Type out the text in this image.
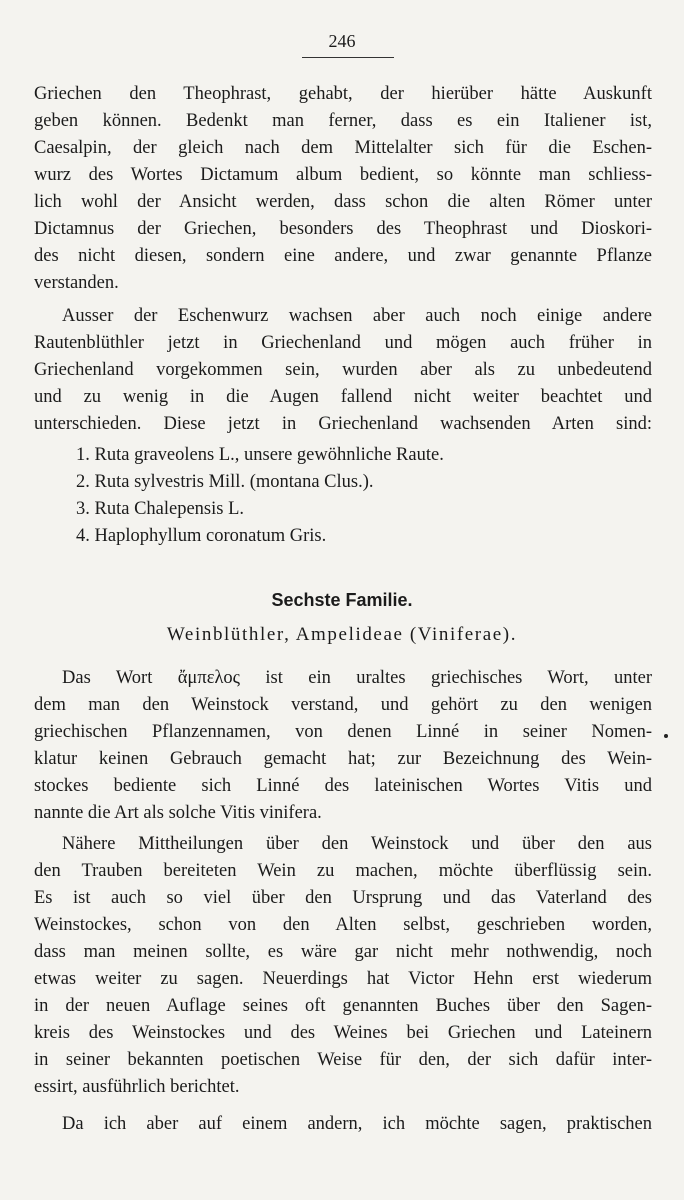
246
Griechen den Theophrast, gehabt, der hierüber hätte Auskunft
geben können. Bedenkt man ferner, dass es ein Italiener ist,
Caesalpin, der gleich nach dem Mittelalter sich für die Eschen-
wurz des Wortes Dictamum album bedient, so könnte man schliess-
lich wohl der Ansicht werden, dass schon die alten Römer unter
Dictamnus der Griechen, besonders des Theophrast und Dioskori-
des nicht diesen, sondern eine andere, und zwar genannte Pflanze
verstanden.
Ausser der Eschenwurz wachsen aber auch noch einige andere
Rautenblüthler jetzt in Griechenland und mögen auch früher in
Griechenland vorgekommen sein, wurden aber als zu unbedeutend
und zu wenig in die Augen fallend nicht weiter beachtet und
unterschieden. Diese jetzt in Griechenland wachsenden Arten sind:
1. Ruta graveolens L., unsere gewöhnliche Raute.
2. Ruta sylvestris Mill. (montana Clus.).
3. Ruta Chalepensis L.
4. Haplophyllum coronatum Gris.
Sechste Familie.
Weinblüthler, Ampelideae (Viniferae).
Das Wort ἄμπελος ist ein uraltes griechisches Wort, unter
dem man den Weinstock verstand, und gehört zu den wenigen
griechischen Pflanzennamen, von denen Linné in seiner Nomen-
klatur keinen Gebrauch gemacht hat; zur Bezeichnung des Wein-
stockes bediente sich Linné des lateinischen Wortes Vitis und
nannte die Art als solche Vitis vinifera.
Nähere Mittheilungen über den Weinstock und über den aus
den Trauben bereiteten Wein zu machen, möchte überflüssig sein.
Es ist auch so viel über den Ursprung und das Vaterland des
Weinstockes, schon von den Alten selbst, geschrieben worden,
dass man meinen sollte, es wäre gar nicht mehr nothwendig, noch
etwas weiter zu sagen. Neuerdings hat Victor Hehn erst wiederum
in der neuen Auflage seines oft genannten Buches über den Sagen-
kreis des Weinstockes und des Weines bei Griechen und Lateinern
in seiner bekannten poetischen Weise für den, der sich dafür inter-
essirt, ausführlich berichtet.
Da ich aber auf einem andern, ich möchte sagen, praktischen
